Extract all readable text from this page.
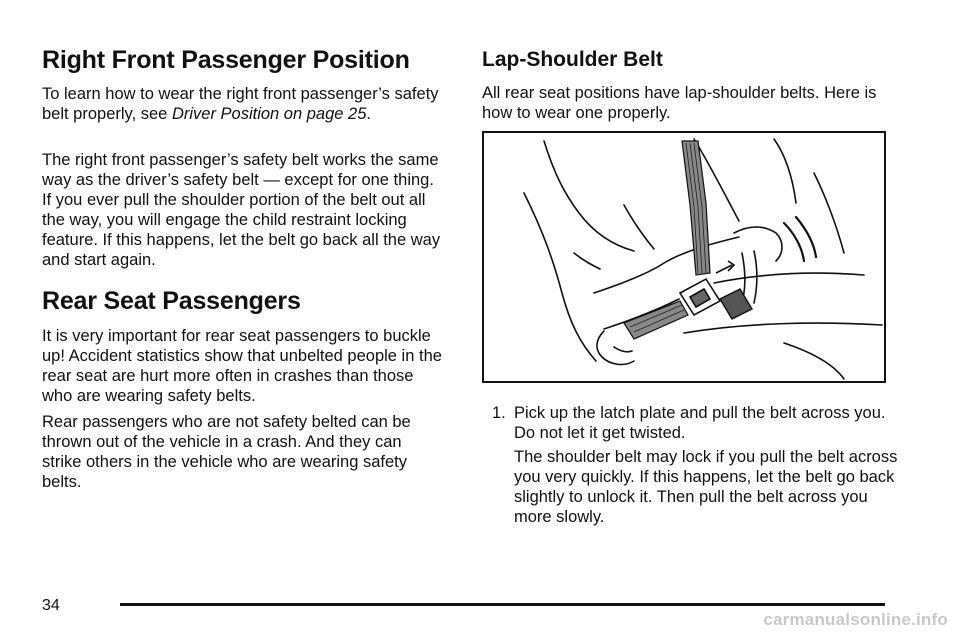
Right Front Passenger Position

To learn how to wear the right front passenger’s safety belt properly, see Driver Position on page 25.

The right front passenger’s safety belt works the same way as the driver’s safety belt — except for one thing. If you ever pull the shoulder portion of the belt out all the way, you will engage the child restraint locking feature. If this happens, let the belt go back all the way and start again.

Rear Seat Passengers

It is very important for rear seat passengers to buckle up! Accident statistics show that unbelted people in the rear seat are hurt more often in crashes than those who are wearing safety belts.

Rear passengers who are not safety belted can be thrown out of the vehicle in a crash. And they can strike others in the vehicle who are wearing safety belts.

Lap-Shoulder Belt

All rear seat positions have lap-shoulder belts. Here is how to wear one properly.

1. Pick up the latch plate and pull the belt across you. Do not let it get twisted.

The shoulder belt may lock if you pull the belt across you very quickly. If this happens, let the belt go back slightly to unlock it. Then pull the belt across you more slowly.

34
carmanualsonline.info
